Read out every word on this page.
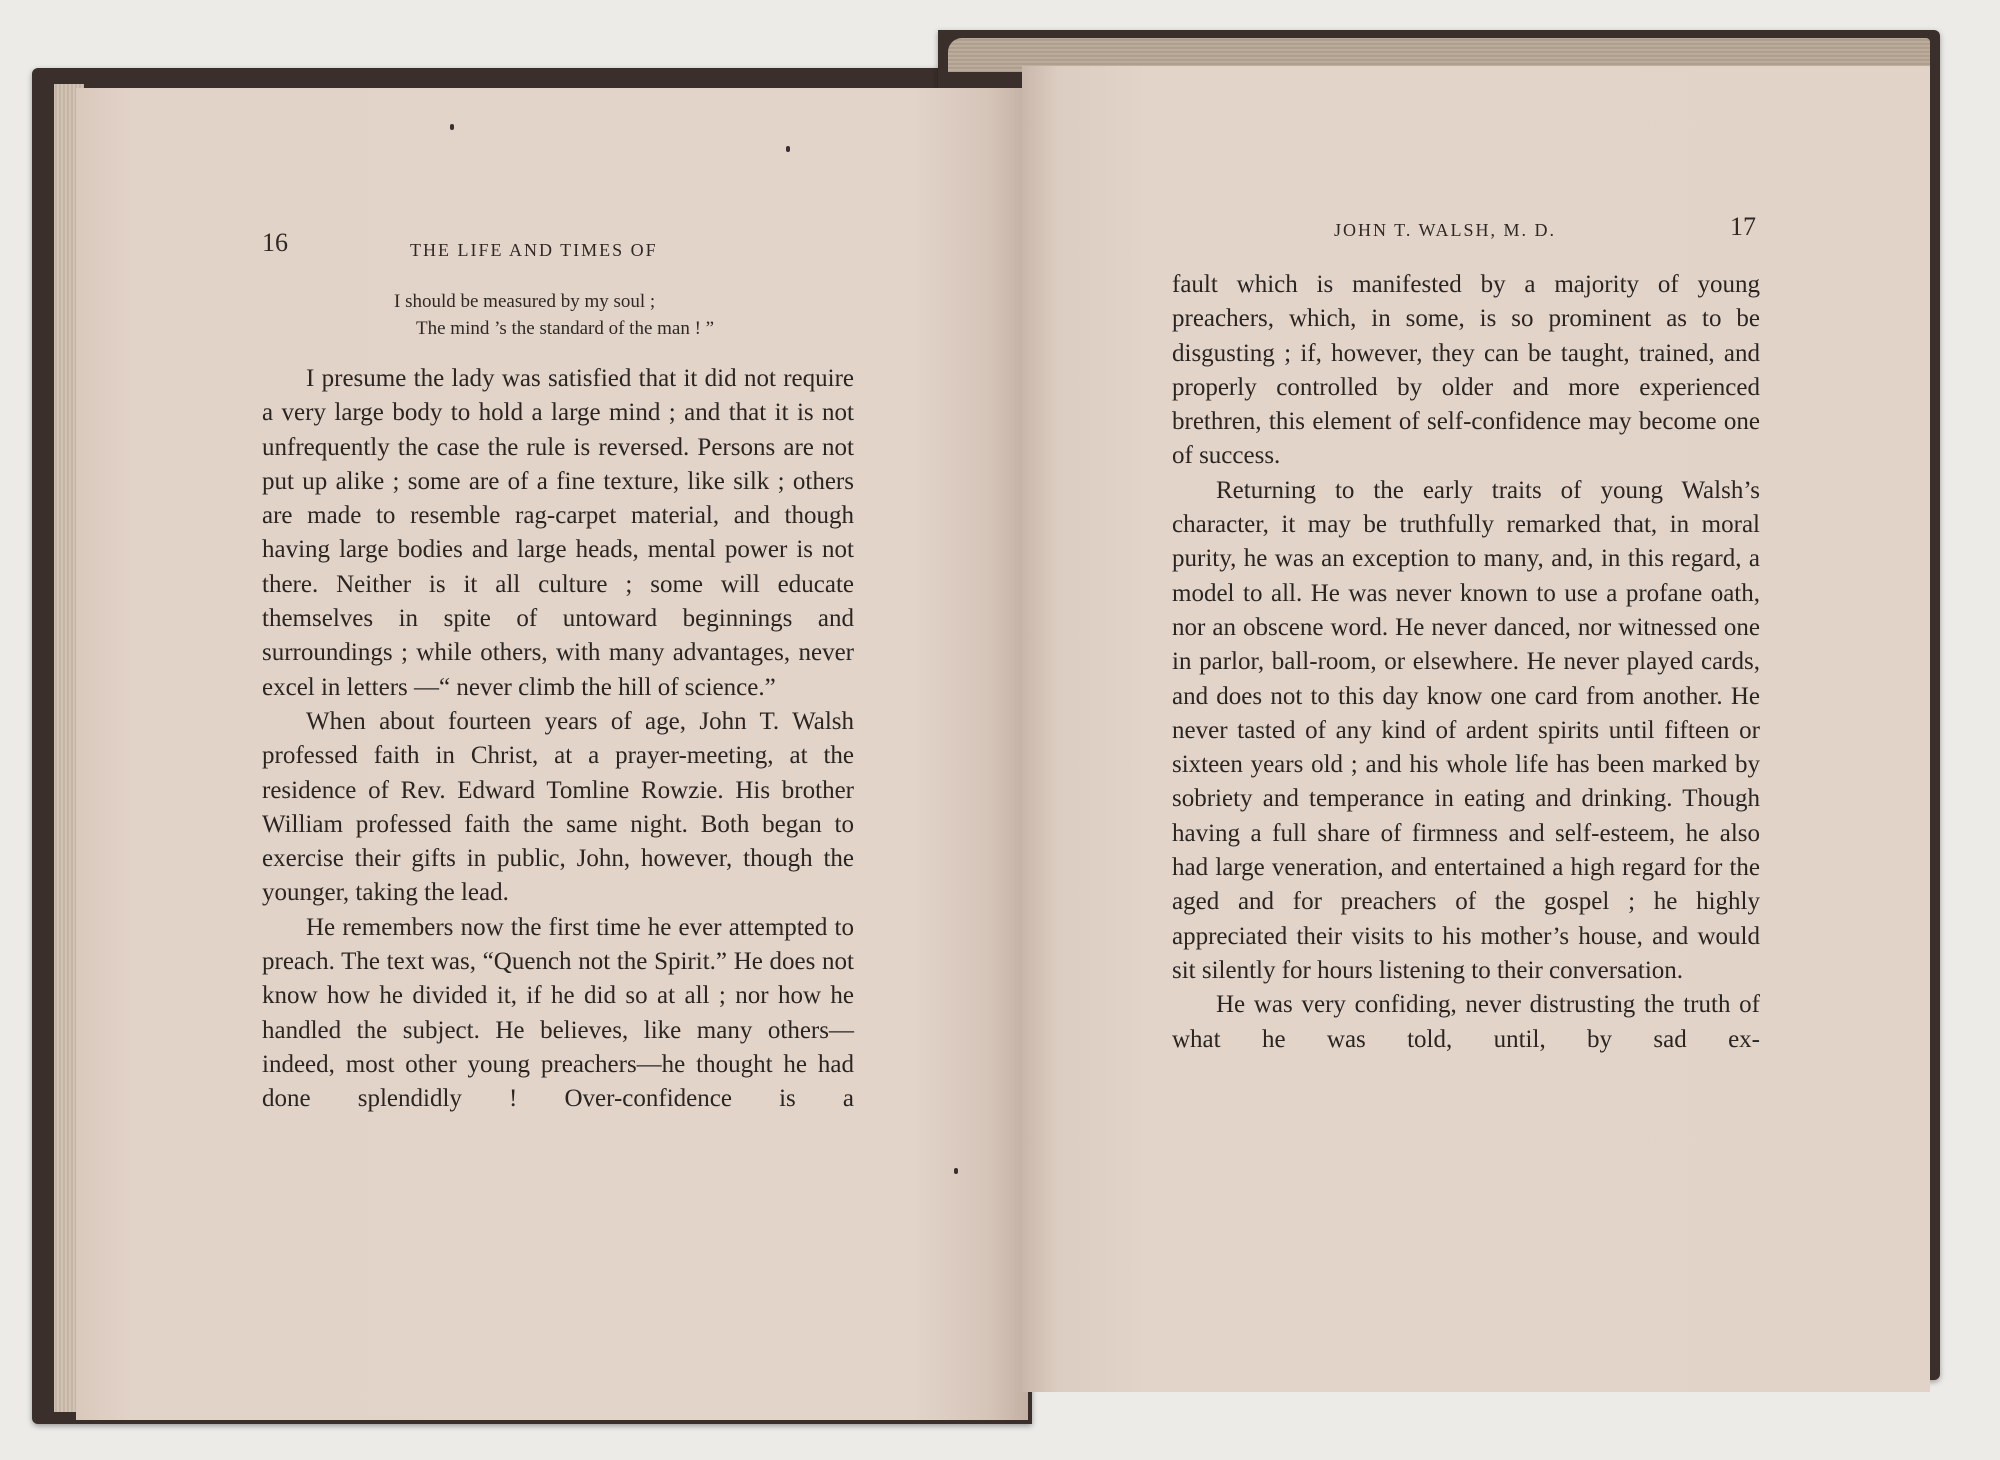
16	THE LIFE AND TIMES OF
I should be measured by my soul ;
The mind ’s the standard of the man ! ”

I presume the lady was satisfied that it did not require a very large body to hold a large mind ; and that it is not unfrequently the case the rule is reversed. Persons are not put up alike ; some are of a fine texture, like silk ; others are made to resemble rag-carpet material, and though having large bodies and large heads, mental power is not there. Neither is it all culture ; some will educate themselves in spite of untoward beginnings and surroundings ; while others, with many advantages, never excel in letters —“ never climb the hill of science.”

When about fourteen years of age, John T. Walsh professed faith in Christ, at a prayer-meeting, at the residence of Rev. Edward Tomline Rowzie. His brother William professed faith the same night. Both began to exercise their gifts in public, John, however, though the younger, taking the lead.

He remembers now the first time he ever attempted to preach. The text was, “Quench not the Spirit.” He does not know how he divided it, if he did so at all ; nor how he handled the subject. He believes, like many others—indeed, most other young preachers—he thought he had done splendidly ! Over-confidence is a

JOHN T. WALSH, M. D.	17

fault which is manifested by a majority of young preachers, which, in some, is so prominent as to be disgusting ; if, however, they can be taught, trained, and properly controlled by older and more experienced brethren, this element of self-confidence may become one of success.

Returning to the early traits of young Walsh’s character, it may be truthfully remarked that, in moral purity, he was an exception to many, and, in this regard, a model to all. He was never known to use a profane oath, nor an obscene word. He never danced, nor witnessed one in parlor, ball-room, or elsewhere. He never played cards, and does not to this day know one card from another. He never tasted of any kind of ardent spirits until fifteen or sixteen years old ; and his whole life has been marked by sobriety and temperance in eating and drinking. Though having a full share of firmness and self-esteem, he also had large veneration, and entertained a high regard for the aged and for preachers of the gospel ; he highly appreciated their visits to his mother’s house, and would sit silently for hours listening to their conversation.

He was very confiding, never distrusting the truth of what he was told, until, by sad ex-
